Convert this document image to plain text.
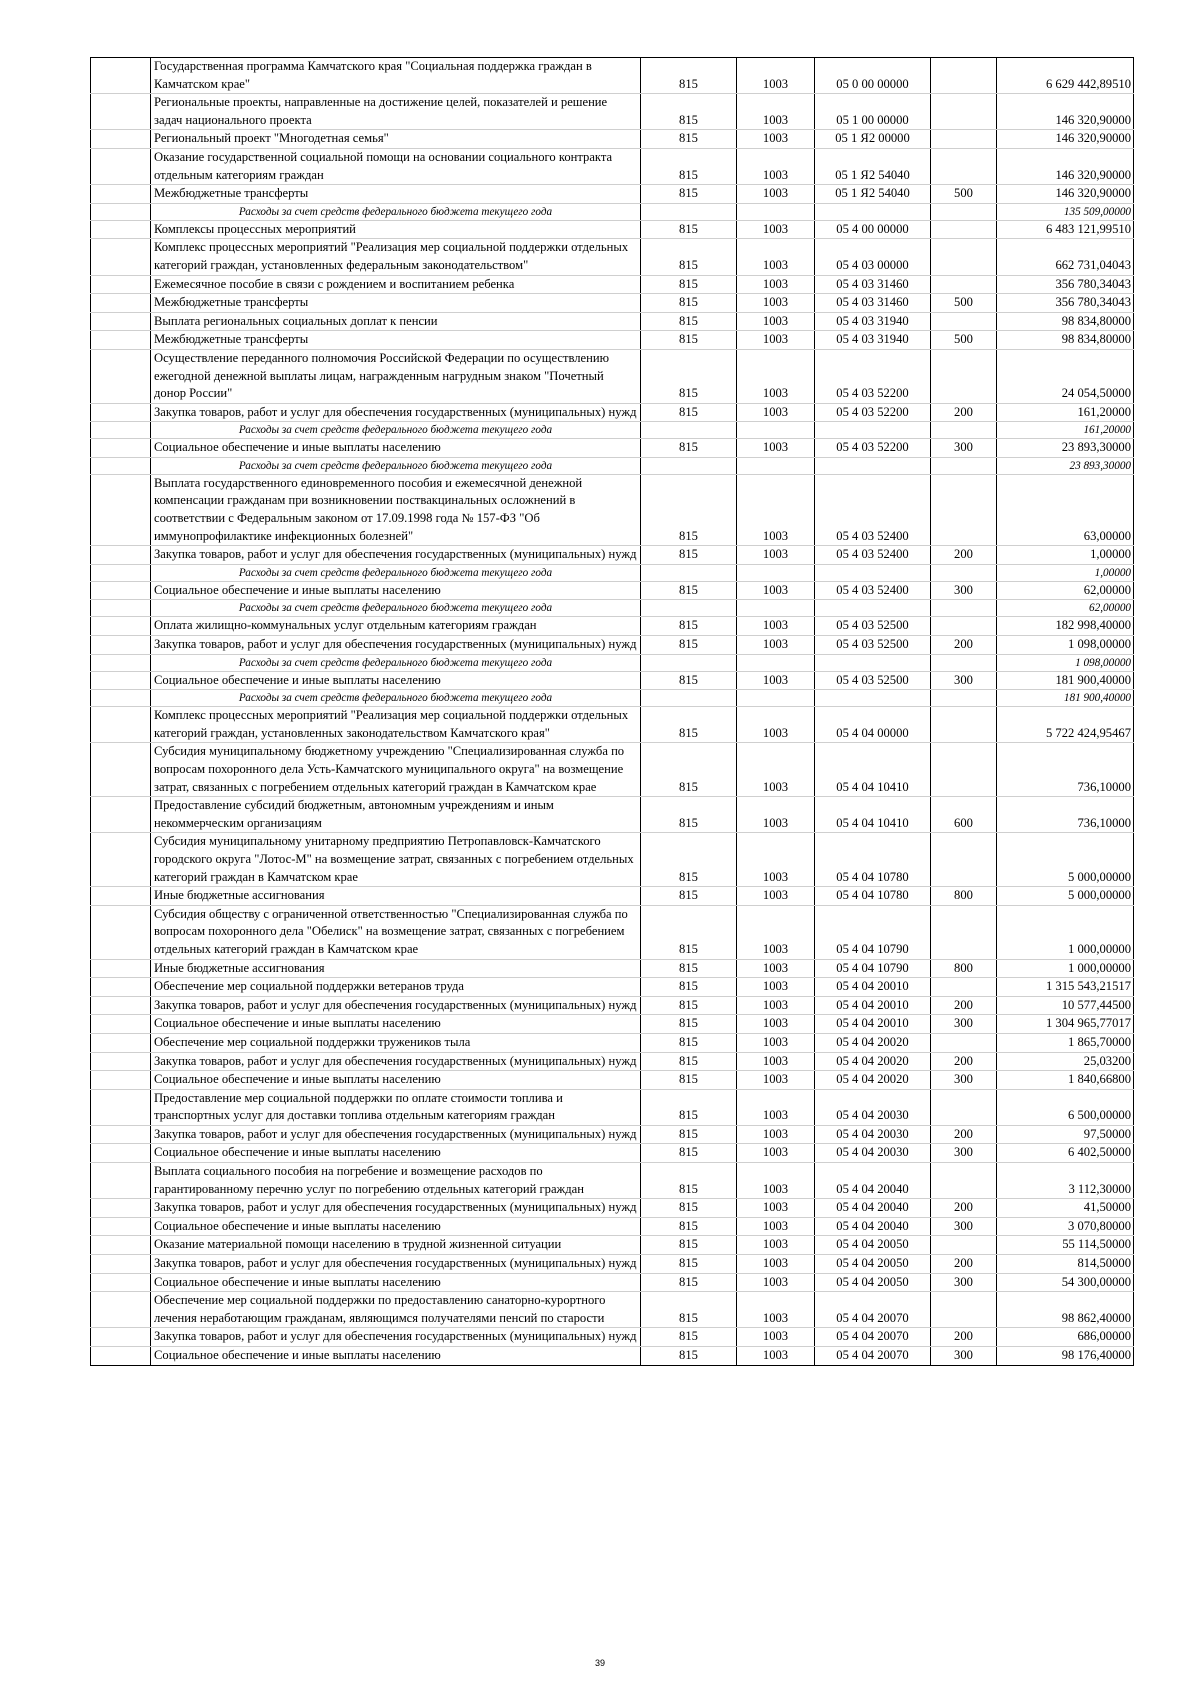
	Государственная программа Камчатского края "Социальная поддержка граждан в Камчатском крае"	815	1003	05 0 00 00000		6 629 442,89510
	Региональные проекты, направленные на достижение целей, показателей и решение задач национального проекта	815	1003	05 1 00 00000		146 320,90000
	Региональный проект "Многодетная семья"	815	1003	05 1 Я2 00000		146 320,90000
	Оказание государственной социальной помощи на основании социального контракта отдельным категориям граждан	815	1003	05 1 Я2 54040		146 320,90000
	Межбюджетные трансферты	815	1003	05 1 Я2 54040	500	146 320,90000
	Расходы за счет средств федерального бюджета текущего года					135 509,00000
	Комплексы процессных мероприятий	815	1003	05 4 00 00000		6 483 121,99510
	Комплекс процессных мероприятий "Реализация мер социальной поддержки отдельных категорий граждан, установленных федеральным законодательством"	815	1003	05 4 03 00000		662 731,04043
	Ежемесячное пособие в связи с рождением и воспитанием ребенка	815	1003	05 4 03 31460		356 780,34043
	Межбюджетные трансферты	815	1003	05 4 03 31460	500	356 780,34043
	Выплата региональных социальных доплат к пенсии	815	1003	05 4 03 31940		98 834,80000
	Межбюджетные трансферты	815	1003	05 4 03 31940	500	98 834,80000
	Осуществление переданного полномочия Российской Федерации по осуществлению ежегодной денежной выплаты лицам, награжденным нагрудным знаком "Почетный донор России"	815	1003	05 4 03 52200		24 054,50000
	Закупка товаров, работ и услуг для обеспечения государственных (муниципальных) нужд	815	1003	05 4 03 52200	200	161,20000
	Расходы за счет средств федерального бюджета текущего года					161,20000
	Социальное обеспечение и иные выплаты населению	815	1003	05 4 03 52200	300	23 893,30000
	Расходы за счет средств федерального бюджета текущего года					23 893,30000
	Выплата государственного единовременного пособия и ежемесячной денежной компенсации гражданам при возникновении поствакцинальных осложнений в соответствии с Федеральным законом от 17.09.1998 года № 157-ФЗ "Об иммунопрофилактике инфекционных болезней"	815	1003	05 4 03 52400		63,00000
	Закупка товаров, работ и услуг для обеспечения государственных (муниципальных) нужд	815	1003	05 4 03 52400	200	1,00000
	Расходы за счет средств федерального бюджета текущего года					1,00000
	Социальное обеспечение и иные выплаты населению	815	1003	05 4 03 52400	300	62,00000
	Расходы за счет средств федерального бюджета текущего года					62,00000
	Оплата жилищно-коммунальных услуг отдельным категориям граждан	815	1003	05 4 03 52500		182 998,40000
	Закупка товаров, работ и услуг для обеспечения государственных (муниципальных) нужд	815	1003	05 4 03 52500	200	1 098,00000
	Расходы за счет средств федерального бюджета текущего года					1 098,00000
	Социальное обеспечение и иные выплаты населению	815	1003	05 4 03 52500	300	181 900,40000
	Расходы за счет средств федерального бюджета текущего года					181 900,40000
	Комплекс процессных мероприятий "Реализация мер социальной поддержки отдельных категорий граждан, установленных законодательством Камчатского края"	815	1003	05 4 04 00000		5 722 424,95467
	Субсидия муниципальному бюджетному учреждению "Специализированная служба по вопросам похоронного дела Усть-Камчатского муниципального округа" на возмещение затрат, связанных с погребением отдельных категорий граждан в Камчатском крае	815	1003	05 4 04 10410		736,10000
	Предоставление субсидий бюджетным, автономным учреждениям и иным некоммерческим организациям	815	1003	05 4 04 10410	600	736,10000
	Субсидия муниципальному унитарному предприятию Петропавловск-Камчатского городского округа "Лотос-М" на возмещение затрат, связанных с погребением отдельных категорий граждан в Камчатском крае	815	1003	05 4 04 10780		5 000,00000
	Иные бюджетные ассигнования	815	1003	05 4 04 10780	800	5 000,00000
	Субсидия обществу с ограниченной ответственностью "Специализированная служба по вопросам похоронного дела "Обелиск" на возмещение затрат, связанных с погребением отдельных категорий граждан в Камчатском крае	815	1003	05 4 04 10790		1 000,00000
	Иные бюджетные ассигнования	815	1003	05 4 04 10790	800	1 000,00000
	Обеспечение мер социальной поддержки ветеранов труда	815	1003	05 4 04 20010		1 315 543,21517
	Закупка товаров, работ и услуг для обеспечения государственных (муниципальных) нужд	815	1003	05 4 04 20010	200	10 577,44500
	Социальное обеспечение и иные выплаты населению	815	1003	05 4 04 20010	300	1 304 965,77017
	Обеспечение мер социальной поддержки тружеников тыла	815	1003	05 4 04 20020		1 865,70000
	Закупка товаров, работ и услуг для обеспечения государственных (муниципальных) нужд	815	1003	05 4 04 20020	200	25,03200
	Социальное обеспечение и иные выплаты населению	815	1003	05 4 04 20020	300	1 840,66800
	Предоставление мер социальной поддержки по оплате стоимости топлива и транспортных услуг для доставки топлива отдельным категориям граждан	815	1003	05 4 04 20030		6 500,00000
	Закупка товаров, работ и услуг для обеспечения государственных (муниципальных) нужд	815	1003	05 4 04 20030	200	97,50000
	Социальное обеспечение и иные выплаты населению	815	1003	05 4 04 20030	300	6 402,50000
	Выплата социального пособия на погребение и возмещение расходов по гарантированному перечню услуг по погребению отдельных категорий граждан	815	1003	05 4 04 20040		3 112,30000
	Закупка товаров, работ и услуг для обеспечения государственных (муниципальных) нужд	815	1003	05 4 04 20040	200	41,50000
	Социальное обеспечение и иные выплаты населению	815	1003	05 4 04 20040	300	3 070,80000
	Оказание материальной помощи населению в трудной жизненной ситуации	815	1003	05 4 04 20050		55 114,50000
	Закупка товаров, работ и услуг для обеспечения государственных (муниципальных) нужд	815	1003	05 4 04 20050	200	814,50000
	Социальное обеспечение и иные выплаты населению	815	1003	05 4 04 20050	300	54 300,00000
	Обеспечение мер социальной поддержки по предоставлению санаторно-курортного лечения неработающим гражданам, являющимся получателями пенсий по старости	815	1003	05 4 04 20070		98 862,40000
	Закупка товаров, работ и услуг для обеспечения государственных (муниципальных) нужд	815	1003	05 4 04 20070	200	686,00000
	Социальное обеспечение и иные выплаты населению	815	1003	05 4 04 20070	300	98 176,40000
39
